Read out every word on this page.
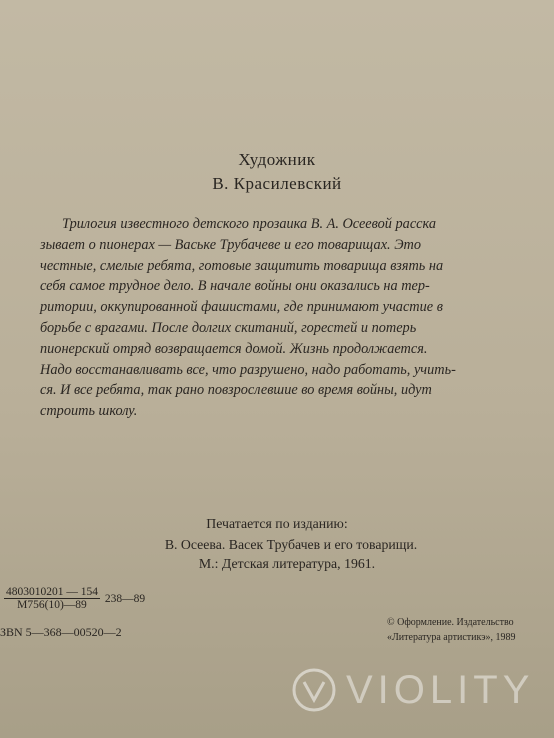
Художник
В. Красилевский
Трилогия известного детского прозаика В. А. Осеевой расска
зывает о пионерах — Ваське Трубачеве и его товарищах. Это
честные, смелые ребята, готовые защитить товарища взять на
себя самое трудное дело. В начале войны они оказались на тер-
ритории, оккупированной фашистами, где принимают участие в
борьбе с врагами. После долгих скитаний, горестей и потерь
пионерский отряд возвращается домой. Жизнь продолжается.
Надо восстанавливать все, что разрушено, надо работать, учить-
ся. И все ребята, так рано повзрослевшие во время войны, идут
строить школу.
Печатается по изданию:
В. Осеева. Васек Трубачев и его товарищи.
М.: Детская литература, 1961.
$\frac{4803010201 — 154}{М756(10)—89}$ 238—89
ЗBN 5—368—00520—2
© Оформление. Издательство
«Литература артистикэ», 1989
VIOLITY
